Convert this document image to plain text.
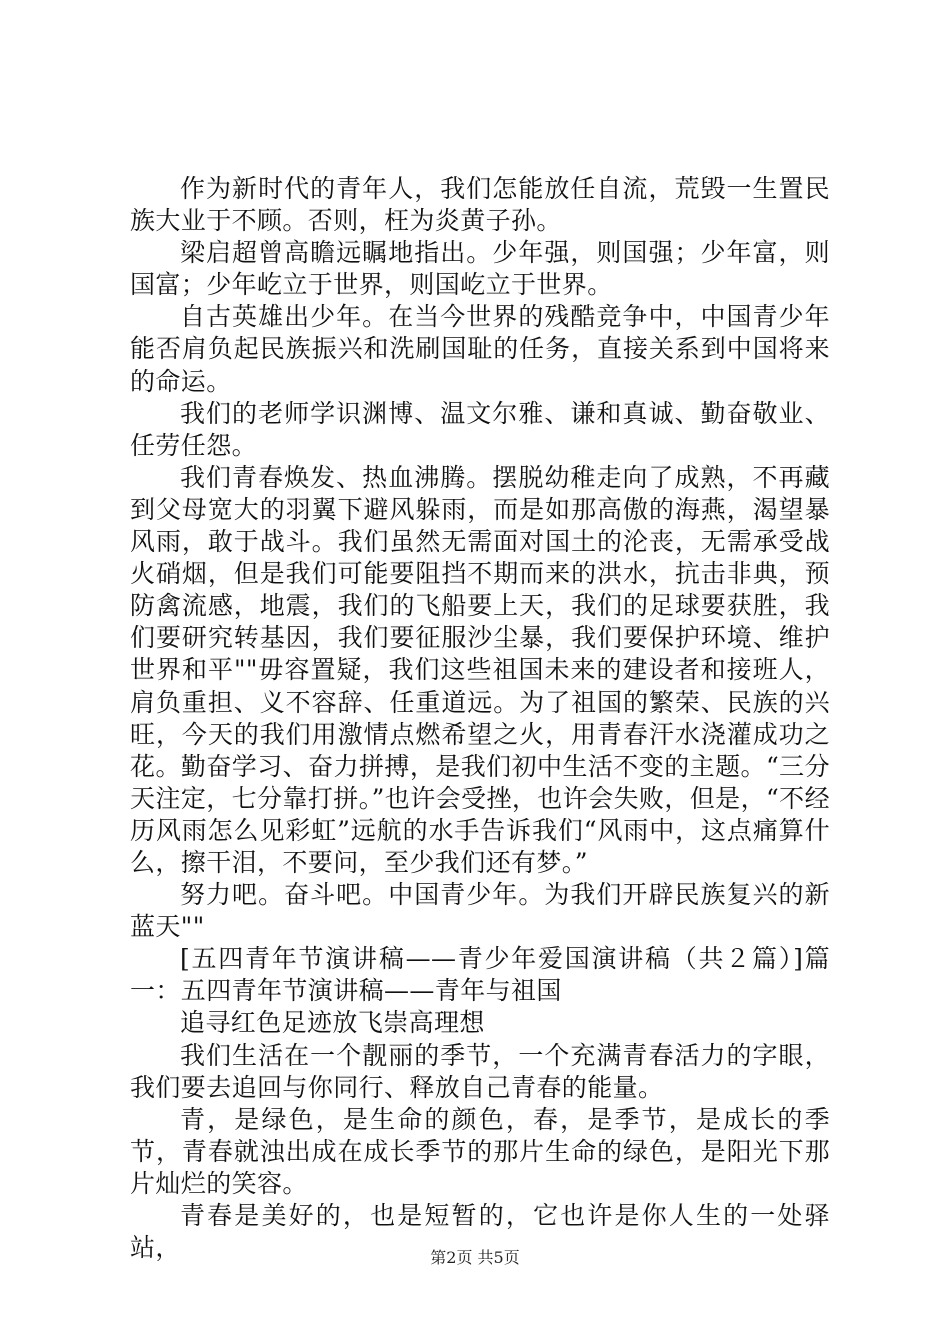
作为新时代的青年人，我们怎能放任自流，荒毁一生置民族大业于不顾。否则，枉为炎黄子孙。

梁启超曾高瞻远瞩地指出。少年强，则国强；少年富，则国富；少年屹立于世界，则国屹立于世界。

自古英雄出少年。在当今世界的残酷竞争中，中国青少年能否肩负起民族振兴和洗刷国耻的任务，直接关系到中国将来的命运。

我们的老师学识渊博、温文尔雅、谦和真诚、勤奋敬业、任劳任怨。

我们青春焕发、热血沸腾。摆脱幼稚走向了成熟，不再藏到父母宽大的羽翼下避风躲雨，而是如那高傲的海燕，渴望暴风雨，敢于战斗。我们虽然无需面对国土的沦丧，无需承受战火硝烟，但是我们可能要阻挡不期而来的洪水，抗击非典，预防禽流感，地震，我们的飞船要上天，我们的足球要获胜，我们要研究转基因，我们要征服沙尘暴，我们要保护环境、维护世界和平""毋容置疑，我们这些祖国未来的建设者和接班人，肩负重担、义不容辞、任重道远。为了祖国的繁荣、民族的兴旺，今天的我们用激情点燃希望之火，用青春汗水浇灌成功之花。勤奋学习、奋力拼搏，是我们初中生活不变的主题。“三分天注定，七分靠打拼。”也许会受挫，也许会失败，但是，“不经历风雨怎么见彩虹”远航的水手告诉我们“风雨中，这点痛算什么，擦干泪，不要问，至少我们还有梦。”

努力吧。奋斗吧。中国青少年。为我们开辟民族复兴的新蓝天""

[五四青年节演讲稿——青少年爱国演讲稿（共２篇）]篇一：五四青年节演讲稿——青年与祖国

追寻红色足迹放飞崇高理想

我们生活在一个靓丽的季节，一个充满青春活力的字眼，我们要去追回与你同行、释放自己青春的能量。

青，是绿色，是生命的颜色，春，是季节，是成长的季节，青春就浊出成在成长季节的那片生命的绿色，是阳光下那片灿烂的笑容。

青春是美好的，也是短暂的，它也许是你人生的一处驿站，	第2页 共5页
